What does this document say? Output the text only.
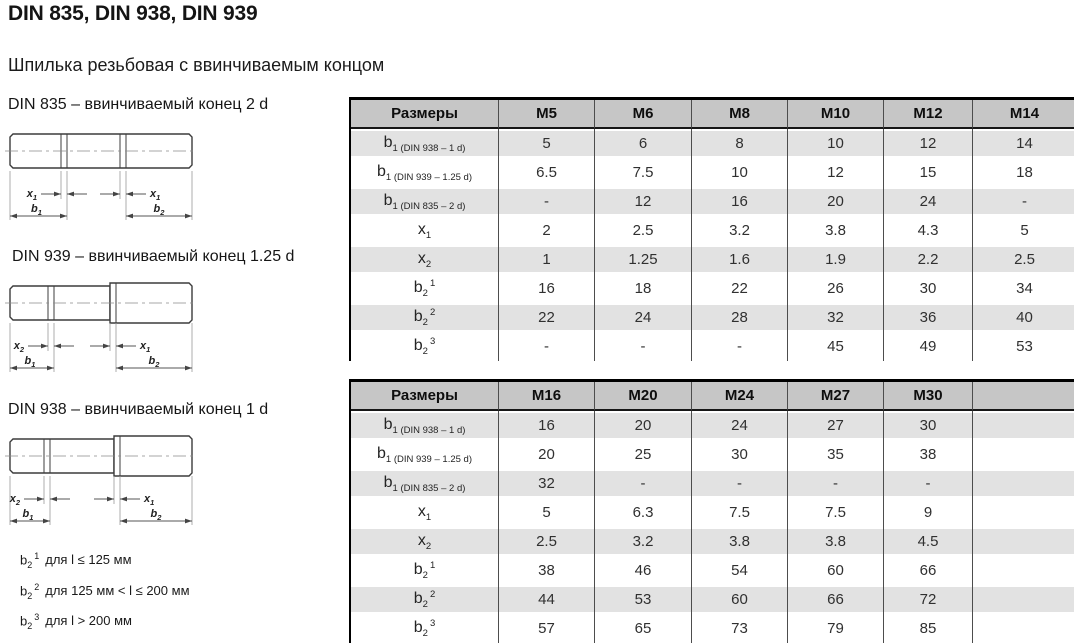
DIN 835, DIN 938, DIN 939
Шпилька резьбовая с ввинчиваемым концом
DIN 835 – ввинчиваемый конец 2 d
$x_1$	$x_1$
$b_1$	$b_2$
DIN 939 – ввинчиваемый конец 1.25 d
$x_2$	$x_1$
$b_1$	$b_2$
DIN 938 – ввинчиваемый конец 1 d
$x_2$	$x_1$
$b_1$	$b_2$
$b_2^1$ для l ≤ 125 мм
$b_2^2$ для 125 мм < l ≤ 200 мм
$b_2^3$ для l > 200 мм
Размеры	M5	M6	M8	M10	M12	M14
$b_{1 (DIN 938 - 1 d)}$	5	6	8	10	12	14
$b_{1 (DIN 939 - 1.25 d)}$	6.5	7.5	10	12	15	18
$b_{1 (DIN 835 - 2 d)}$	-	12	16	20	24	-
$x_1$	2	2.5	3.2	3.8	4.3	5
$x_2$	1	1.25	1.6	1.9	2.2	2.5
$b_2^1$	16	18	22	26	30	34
$b_2^2$	22	24	28	32	36	40
$b_2^3$	-	-	-	45	49	53
Размеры	M16	M20	M24	M27	M30	
$b_{1 (DIN 938 - 1 d)}$	16	20	24	27	30	
$b_{1 (DIN 939 - 1.25 d)}$	20	25	30	35	38	
$b_{1 (DIN 835 - 2 d)}$	32	-	-	-	-	
$x_1$	5	6.3	7.5	7.5	9	
$x_2$	2.5	3.2	3.8	3.8	4.5	
$b_2^1$	38	46	54	60	66	
$b_2^2$	44	53	60	66	72	
$b_2^3$	57	65	73	79	85	
